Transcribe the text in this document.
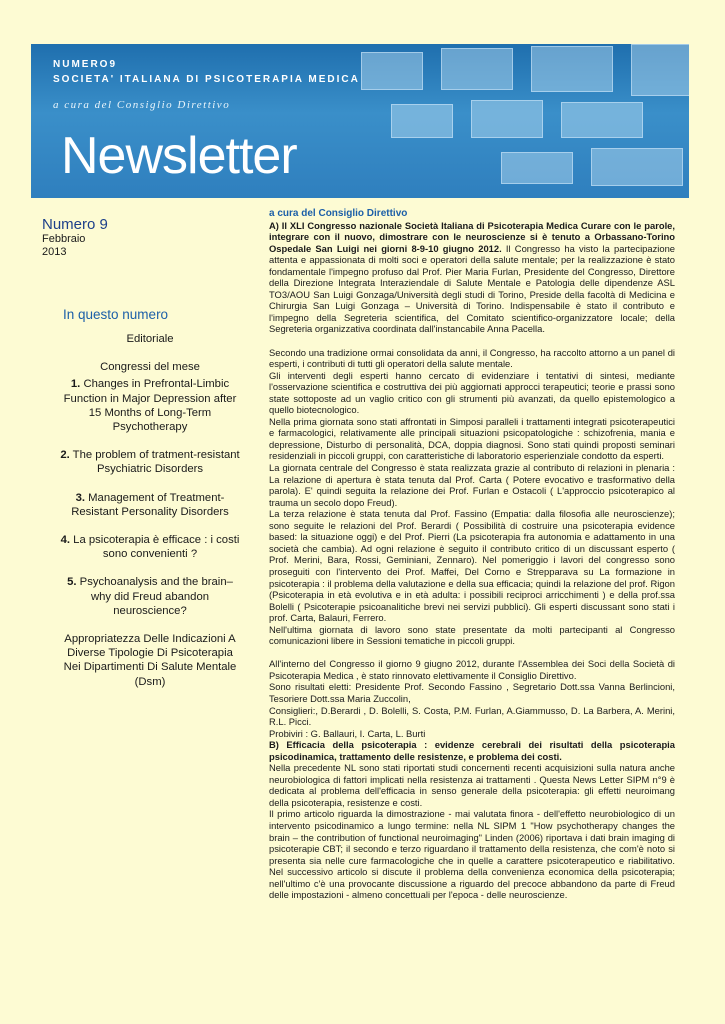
NUMERO9
SOCIETA' ITALIANA DI PSICOTERAPIA MEDICA
a cura del Consiglio Direttivo
Newsletter

Numero 9

Febbraio

2013

In questo numero

Editoriale

Congressi del mese

1. Changes in Prefrontal-Limbic Function in Major Depression after 15 Months of Long-Term Psychotherapy

2. The problem of tratment-resistant Psychiatric Disorders

3. Management of Treatment-Resistant Personality Disorders

4. La psicoterapia è efficace : i costi sono convenienti ?

5. Psychoanalysis and the brain– why did Freud abandon neuroscience?

Appropriatezza Delle Indicazioni A Diverse Tipologie Di Psicoterapia Nei Dipartimenti Di Salute Mentale (Dsm)

a cura del Consiglio Direttivo

A) Il XLI Congresso nazionale Società Italiana di Psicoterapia Medica Curare con le parole, integrare con il nuovo, dimostrare con le neuroscienze si è tenuto a Orbassano-Torino Ospedale San Luigi nei giorni 8-9-10 giugno 2012. Il Congresso ha visto la partecipazione attenta e appassionata di molti soci e operatori della salute mentale; per la realizzazione è stato fondamentale l'impegno profuso dal Prof. Pier Maria Furlan, Presidente del Congresso, Direttore della Direzione Integrata Interaziendale di Salute Mentale e Patologia delle dipendenze ASL TO3/AOU San Luigi Gonzaga/Università degli studi di Torino, Preside della facoltà di Medicina e Chirurgia San Luigi Gonzaga – Università di Torino. Indispensabile è stato il contributo e l'impegno della Segreteria scientifica, del Comitato scientifico-organizzatore locale; della Segreteria organizzativa coordinata dall'instancabile Anna Pacella.

Secondo una tradizione ormai consolidata da anni, il Congresso, ha raccolto attorno a un panel di esperti, i contributi di tutti gli operatori della salute mentale.

Gli interventi degli esperti hanno cercato di evidenziare i tentativi di sintesi, mediante l'osservazione scientifica e costruttiva dei più aggiornati approcci terapeutici; teorie e prassi sono state sottoposte ad un vaglio critico con gli strumenti più avanzati, da quello epistemologico a quello biotecnologico.

Nella prima giornata sono stati affrontati in Simposi paralleli i trattamenti integrati psicoterapeutici e farmacologici, relativamente alle principali situazioni psicopatologiche : schizofrenia, mania e depressione, Disturbo di personalità, DCA, doppia diagnosi. Sono stati quindi proposti seminari residenziali in piccoli gruppi, con caratteristiche di laboratorio esperienziale condotto da esperti.

La giornata centrale del Congresso è stata realizzata grazie al contributo di relazioni in plenaria : La relazione di apertura è stata tenuta dal Prof. Carta ( Potere evocativo e trasformativo della parola). E' quindi seguita la relazione dei Prof. Furlan e Ostacoli ( L'approccio psicoterapico al trauma un secolo dopo Freud).

La terza relazione è stata tenuta dal Prof. Fassino (Empatia: dalla filosofia alle neuroscienze); sono seguite le relazioni del Prof. Berardi ( Possibilità di costruire una psicoterapia evidence based: la situazione oggi) e del Prof. Pierri (La psicoterapia fra autonomia e adattamento in una società che cambia). Ad ogni relazione è seguito il contributo critico di un discussant esperto ( Prof. Merini, Bara, Rossi, Geminiani, Zennaro). Nel pomeriggio i lavori del congresso sono proseguiti con l'intervento dei Prof. Maffei, Del Corno e Strepparava su La formazione in psicoterapia : il problema della valutazione e della sua efficacia; quindi la relazione del prof. Rigon (Psicoterapia in età evolutiva e in età adulta: i possibili reciproci arricchimenti ) e della prof.ssa Bolelli ( Psicoterapie psicoanalitiche brevi nei servizi pubblici). Gli esperti discussant sono stati i prof. Carta, Balauri, Ferrero.

Nell'ultima giornata di lavoro sono state presentate da molti partecipanti al Congresso comunicazioni libere in Sessioni tematiche in piccoli gruppi.

All'interno del Congresso il giorno 9 giugno 2012, durante l'Assemblea dei Soci della Società di Psicoterapia Medica , è stato rinnovato elettivamente il Consiglio Direttivo.

Sono risultati eletti: Presidente Prof. Secondo Fassino , Segretario Dott.ssa Vanna Berlincioni, Tesoriere Dott.ssa Maria Zuccolin,

Consiglieri:, D.Berardi , D. Bolelli, S. Costa, P.M. Furlan, A.Giammusso, D. La Barbera, A. Merini, R.L. Picci.

Probiviri : G. Ballauri, I. Carta, L. Burti

B) Efficacia della psicoterapia : evidenze cerebrali dei risultati della psicoterapia psicodinamica, trattamento delle resistenze, e problema dei costi.

Nella precedente NL sono stati riportati studi concernenti recenti acquisizioni sulla natura anche neurobiologica di fattori implicati nella resistenza ai trattamenti . Questa News Letter SIPM n°9 è dedicata al problema dell'efficacia in senso generale della psicoterapia: gli effetti neuroimang della psicoterapia, resistenze e costi.

Il primo articolo riguarda la dimostrazione - mai valutata finora - dell'effetto neurobiologico di un intervento psicodinamico a lungo termine: nella NL SIPM 1 "How psychotherapy changes the brain – the contribution of functional neuroimaging" Linden (2006) riportava i dati brain imaging di psicoterapie CBT; il secondo e terzo riguardano il trattamento della resistenza, che com'è noto si presenta sia nelle cure farmacologiche che in quelle a carattere psicoterapeutico e riabilitativo. Nel successivo articolo si discute il problema della convenienza economica della psicoterapia; nell'ultimo c'è una provocante discussione a riguardo del precoce abbandono da parte di Freud delle impostazioni - almeno concettuali per l'epoca - delle neuroscienze.
